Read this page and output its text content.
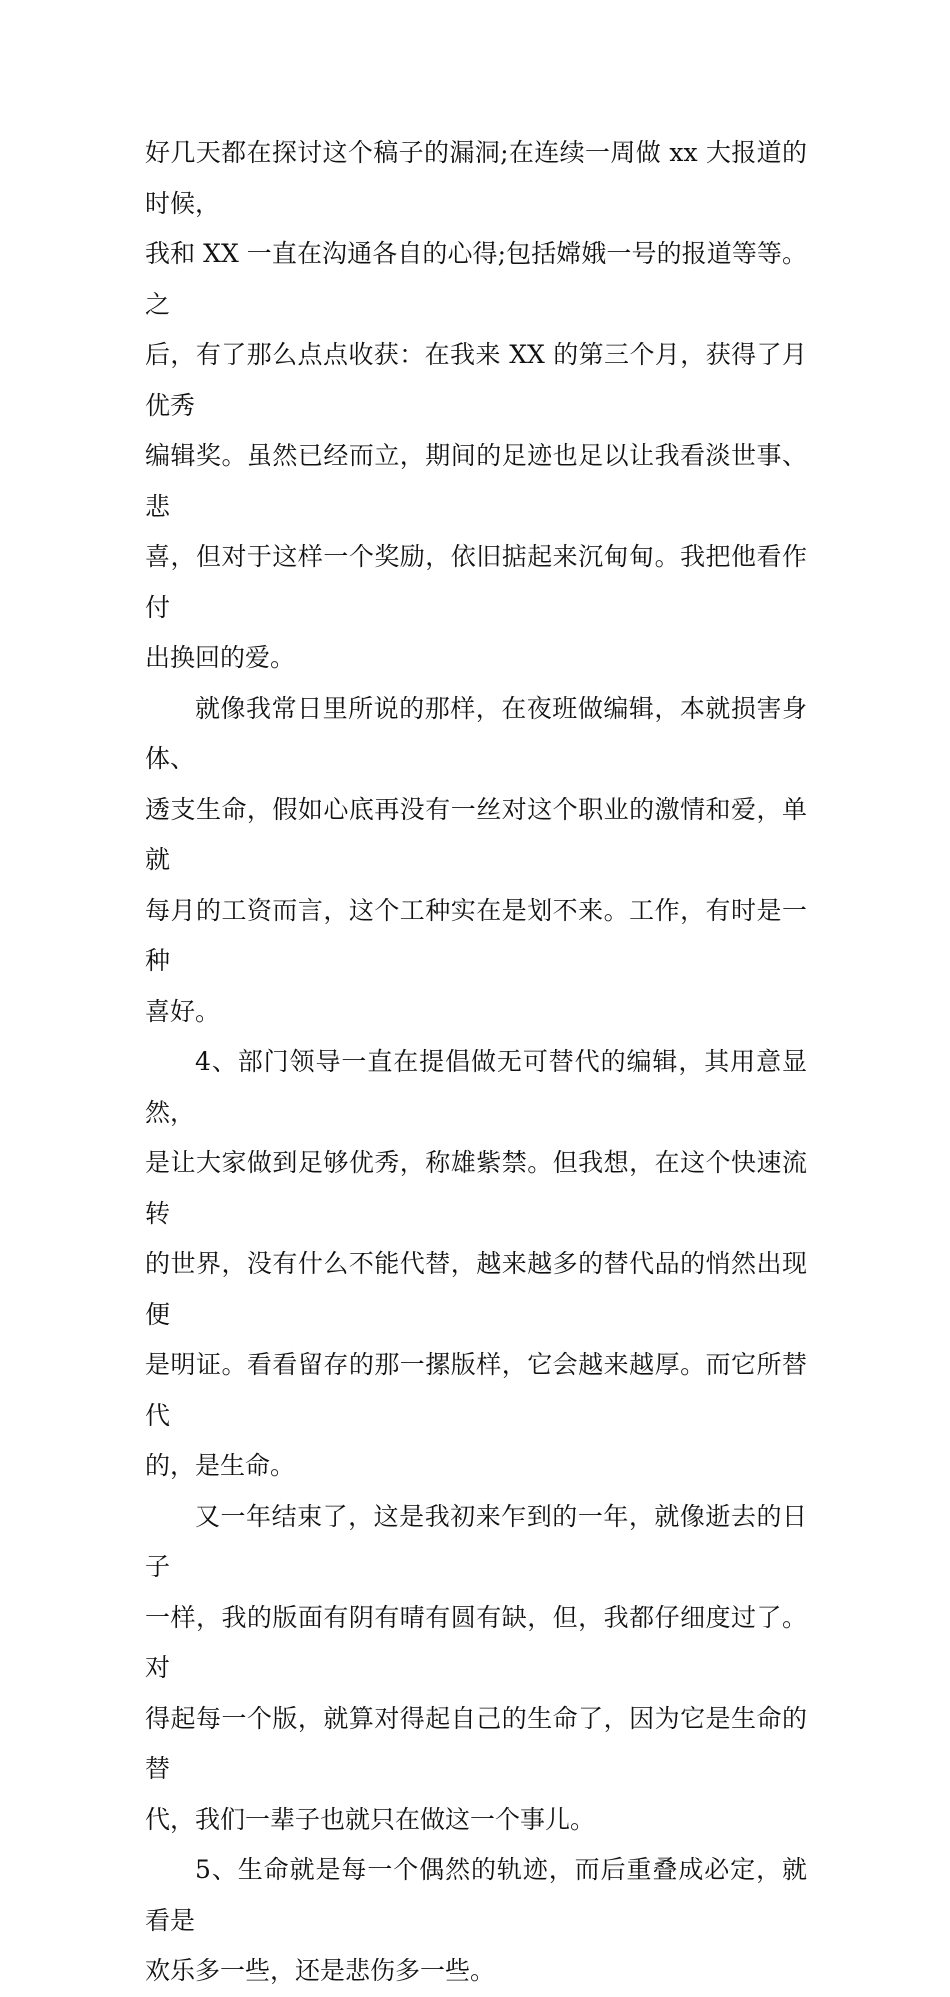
好几天都在探讨这个稿子的漏洞;在连续一周做 xx 大报道的时候，
我和 XX 一直在沟通各自的心得;包括嫦娥一号的报道等等。之
后，有了那么点点收获：在我来 XX 的第三个月，获得了月优秀
编辑奖。虽然已经而立，期间的足迹也足以让我看淡世事、悲
喜，但对于这样一个奖励，依旧掂起来沉甸甸。我把他看作付
出换回的爱。

就像我常日里所说的那样，在夜班做编辑，本就损害身体、
透支生命，假如心底再没有一丝对这个职业的激情和爱，单就
每月的工资而言，这个工种实在是划不来。工作，有时是一种
喜好。

4、部门领导一直在提倡做无可替代的编辑，其用意显然，
是让大家做到足够优秀，称雄紫禁。但我想，在这个快速流转
的世界，没有什么不能代替，越来越多的替代品的悄然出现便
是明证。看看留存的那一摞版样，它会越来越厚。而它所替代
的，是生命。

又一年结束了，这是我初来乍到的一年，就像逝去的日子
一样，我的版面有阴有晴有圆有缺，但，我都仔细度过了。对
得起每一个版，就算对得起自己的生命了，因为它是生命的替
代，我们一辈子也就只在做这一个事儿。

5、生命就是每一个偶然的轨迹，而后重叠成必定，就看是
欢乐多一些，还是悲伤多一些。
